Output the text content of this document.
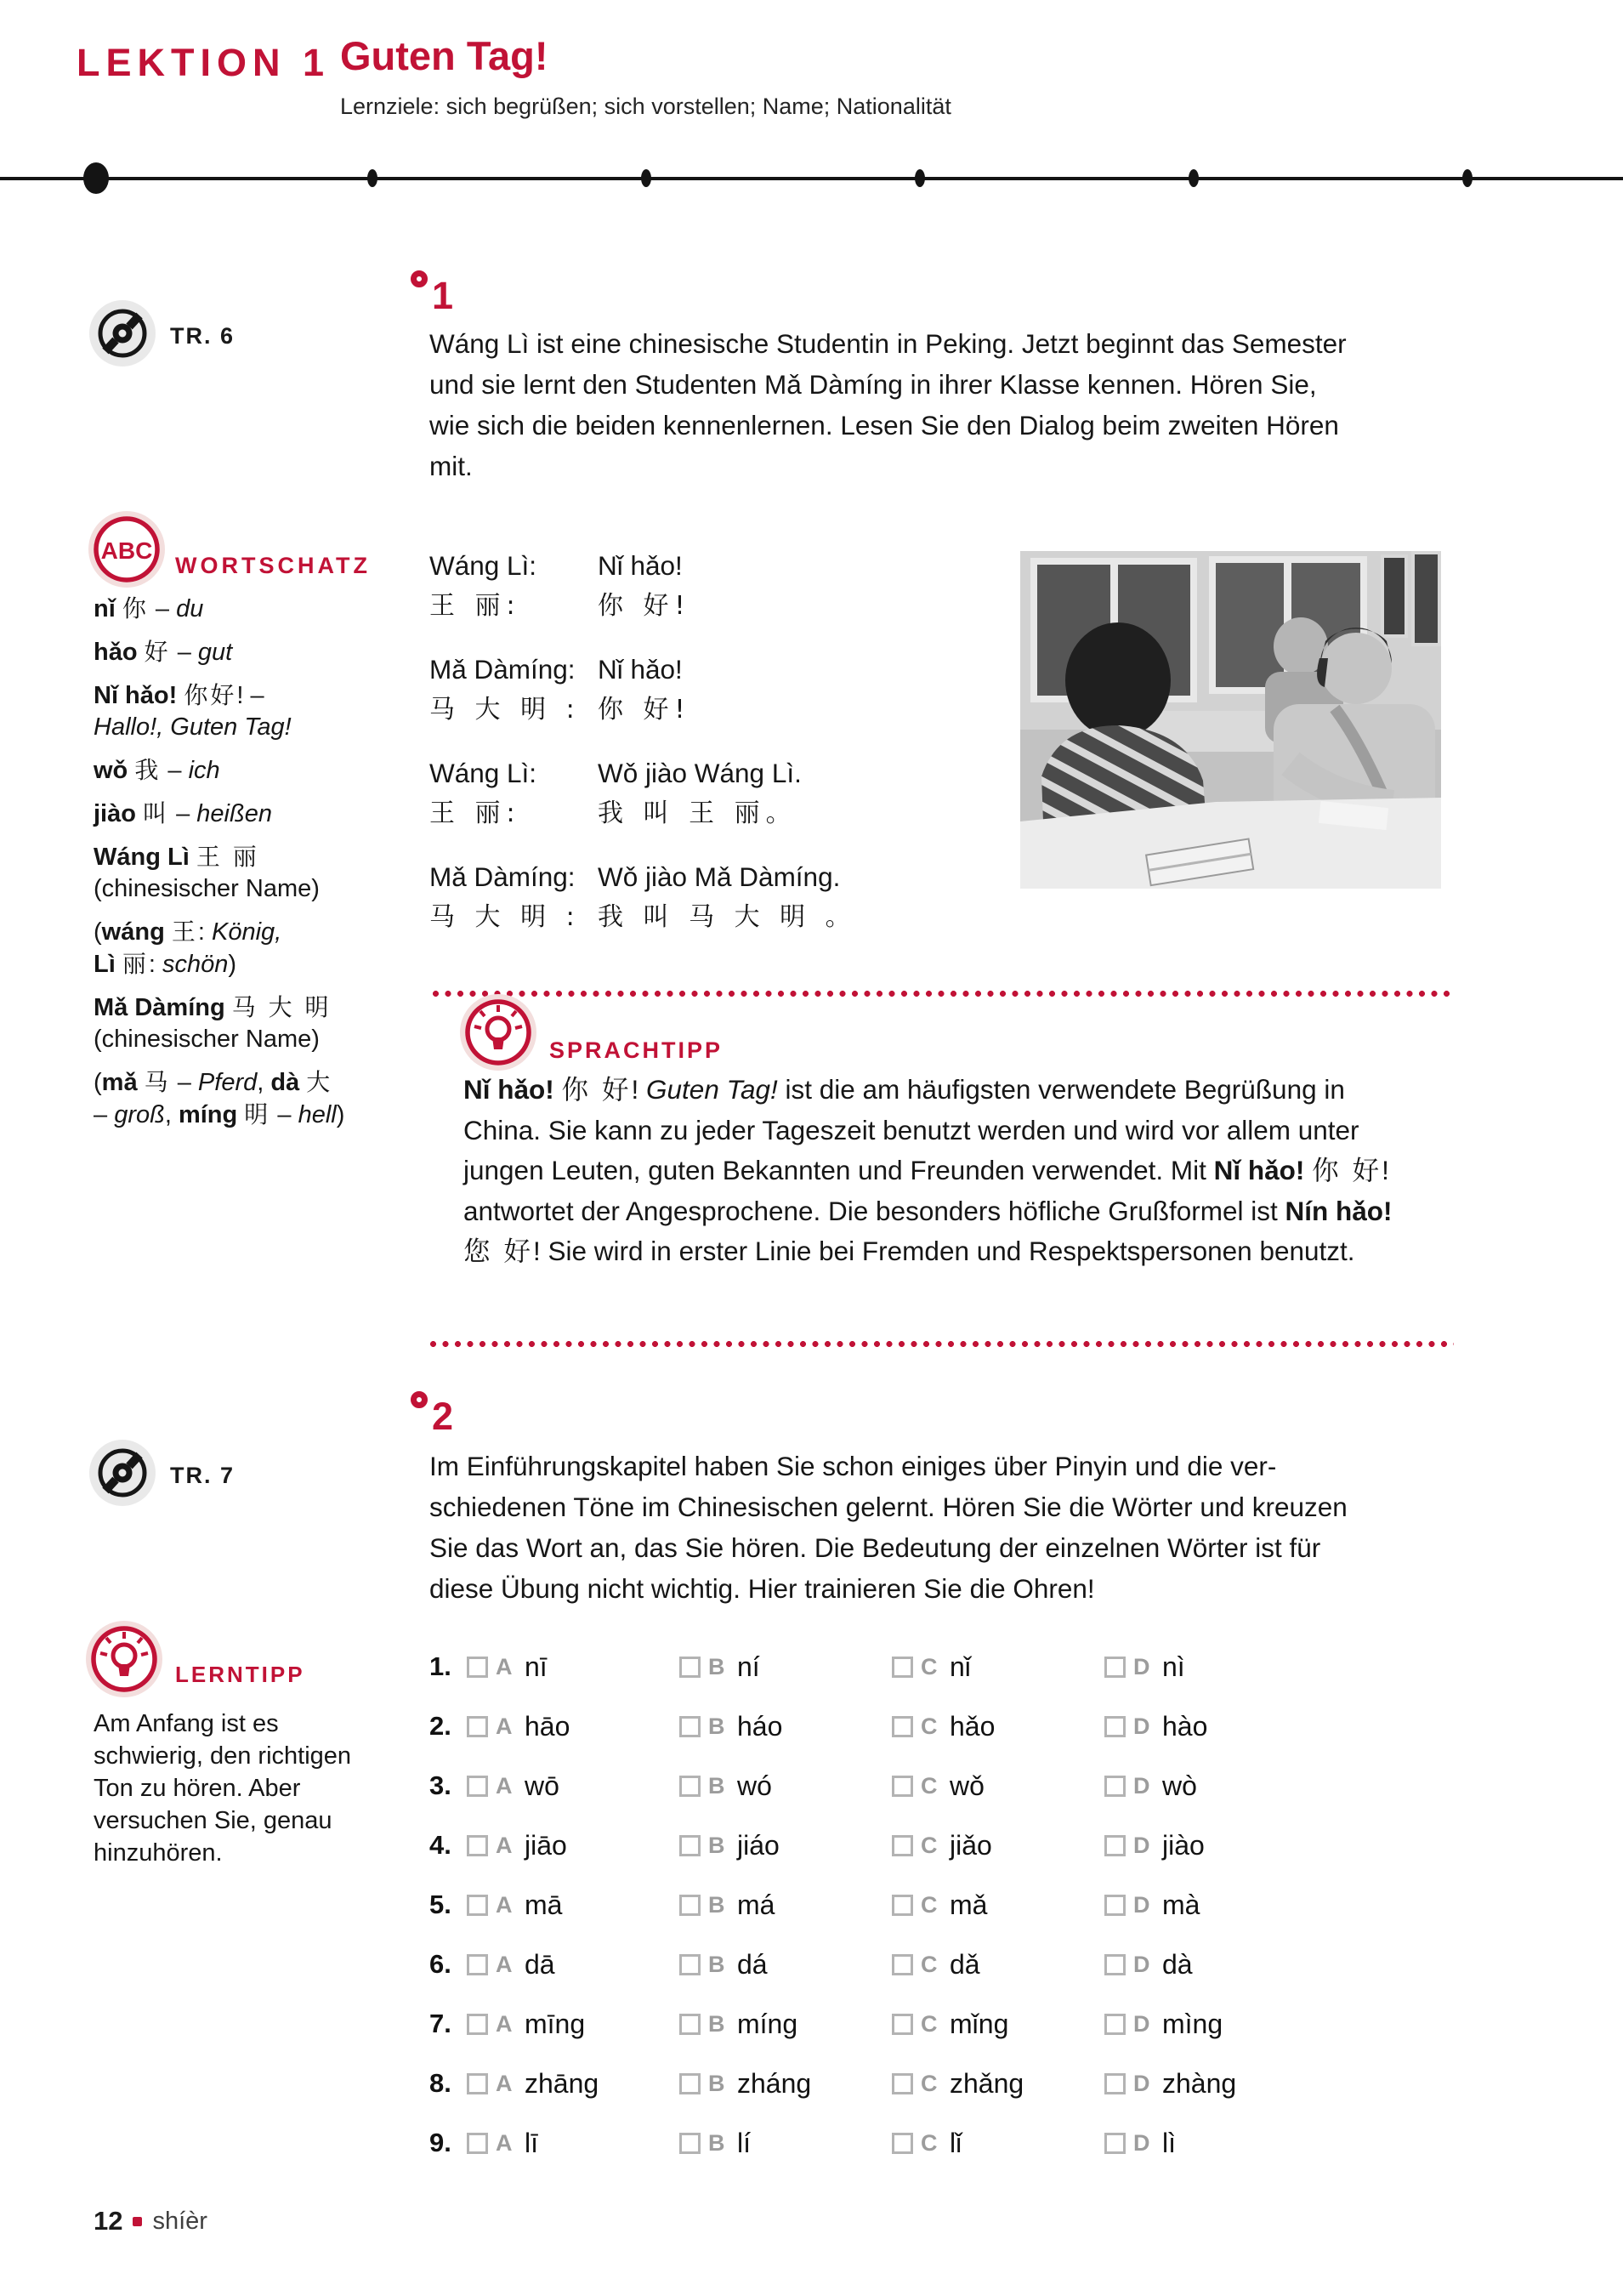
LEKTION 1 Guten Tag!
Lernziele: sich begrüßen; sich vorstellen; Name; Nationalität
TR. 6
1
Wáng Lì ist eine chinesische Studentin in Peking. Jetzt beginnt das Semester und sie lernt den Studenten Mǎ Dàmíng in ihrer Klasse kennen. Hören Sie, wie sich die beiden kennenlernen. Lesen Sie den Dialog beim zweiten Hören mit.
ABC
WORTSCHATZ
nǐ 你 – du
hǎo 好 – gut
Nǐ hǎo! 你好! –
Hallo!, Guten Tag!
wǒ 我 – ich
jiào 叫 – heißen
Wáng Lì 王 丽
(chinesischer Name)
(wáng 王: König,
Lì 丽: schön)
Mǎ Dàmíng 马 大 明
(chinesischer Name)
(mǎ 马 – Pferd, dà 大
– groß, míng 明 – hell)
Wáng Lì:	Nǐ hǎo!
王 丽:	你 好!
Mǎ Dàmíng: Nǐ hǎo!
马 大 明 : 你 好!
Wáng Lì:	Wǒ jiào Wáng Lì.
王 丽:	我 叫 王 丽。
Mǎ Dàmíng: Wǒ jiào Mǎ Dàmíng.
马 大 明 : 我 叫 马 大 明 。
SPRACHTIPP
Nǐ hǎo! 你 好! Guten Tag! ist die am häufigsten verwendete Begrüßung in China. Sie kann zu jeder Tageszeit benutzt werden und wird vor allem unter jungen Leuten, guten Bekannten und Freunden verwendet. Mit Nǐ hǎo! 你 好! antwortet der Angesprochene. Die besonders höfliche Grußformel ist Nín hǎo! 您 好! Sie wird in erster Linie bei Fremden und Respektspersonen benutzt.
2
TR. 7	Im Einführungskapitel haben Sie schon einiges über Pinyin und die verschiedenen Töne im Chinesischen gelernt. Hören Sie die Wörter und kreuzen Sie das Wort an, das Sie hören. Die Bedeutung der einzelnen Wörter ist für diese Übung nicht wichtig. Hier trainieren Sie die Ohren!
LERNTIPP
Am Anfang ist es schwierig, den richtigen Ton zu hören. Aber versuchen Sie, genau hinzuhören.
1.	A nī	B ní	C nǐ	D nì
2.	A hāo	B háo	C hǎo	D hào
3.	A wō	B wó	C wǒ	D wò
4.	A jiāo	B jiáo	C jiǎo	D jiào
5.	A mā	B má	C mǎ	D mà
6.	A dā	B dá	C dǎ	D dà
7.	A mīng	B míng	C mǐng	D mìng
8.	A zhāng	B zháng	C zhǎng	D zhàng
9.	A lī	B lí	C lǐ	D lì
12 shíèr
